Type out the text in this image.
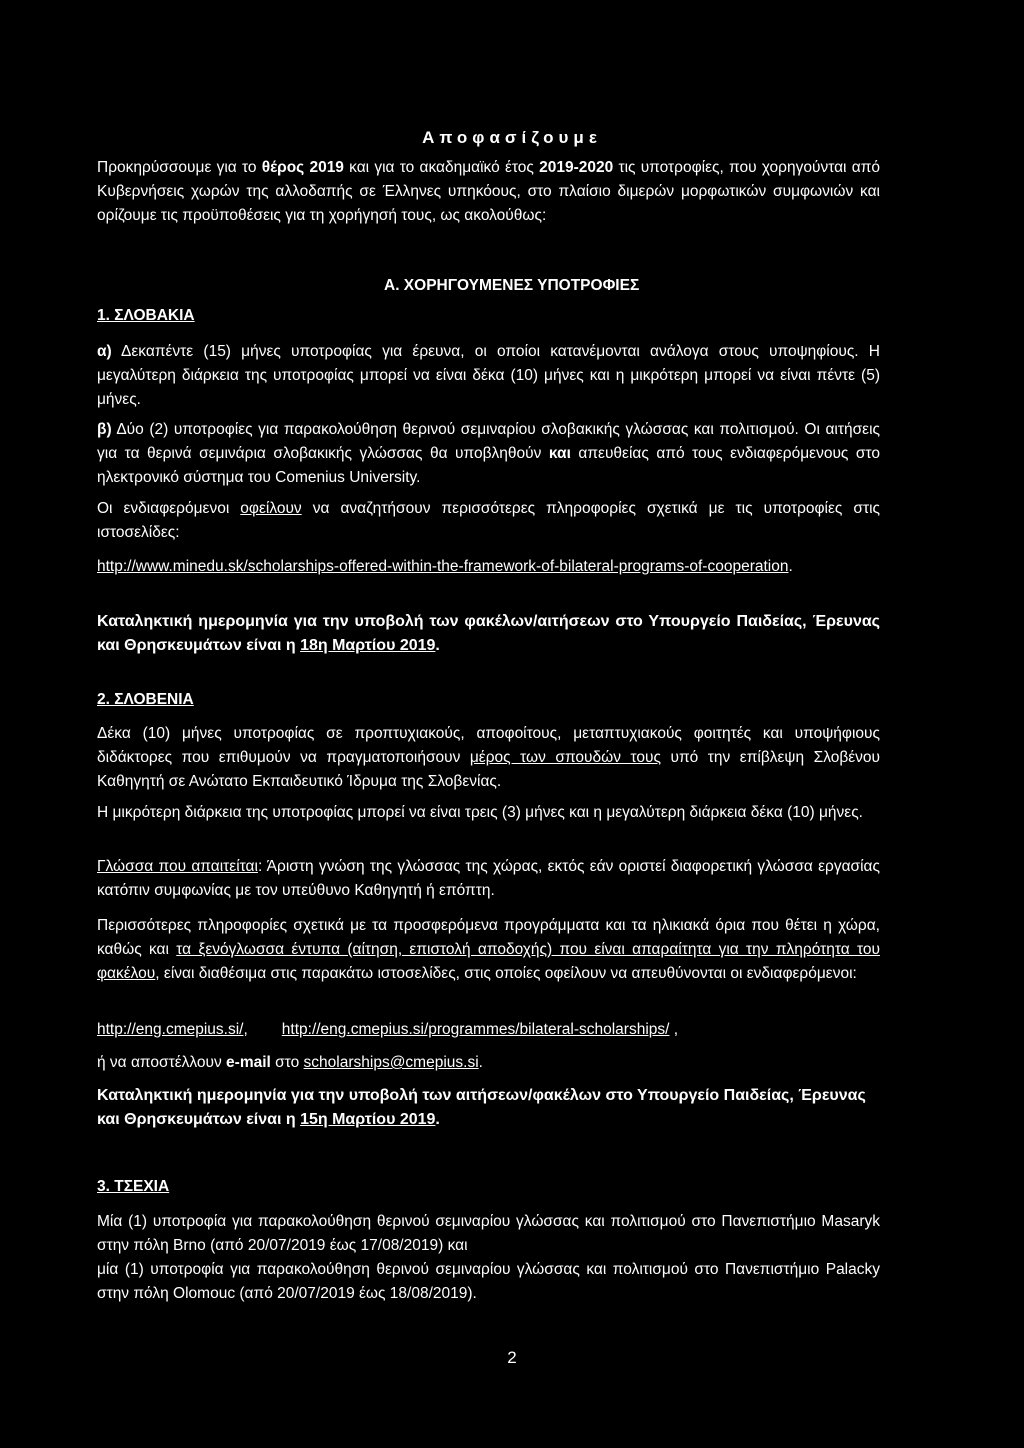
Αποφασίζουμε

Προκηρύσσουμε για το θέρος 2019 και για το ακαδημαϊκό έτος 2019-2020 τις υποτροφίες, που χορηγούνται από Κυβερνήσεις χωρών της αλλοδαπής σε Έλληνες υπηκόους, στο πλαίσιο διμερών μορφωτικών συμφωνιών και ορίζουμε τις προϋποθέσεις για τη χορήγησή τους, ως ακολούθως:

Α. ΧΟΡΗΓΟΥΜΕΝΕΣ ΥΠΟΤΡΟΦΙΕΣ
1. ΣΛΟΒΑΚΙΑ

α) Δεκαπέντε (15) μήνες υποτροφίας για έρευνα, οι οποίοι κατανέμονται ανάλογα στους υποψηφίους. Η μεγαλύτερη διάρκεια της υποτροφίας μπορεί να είναι δέκα (10) μήνες και η μικρότερη μπορεί να είναι πέντε (5) μήνες.

β) Δύο (2) υποτροφίες για παρακολούθηση θερινού σεμιναρίου σλοβακικής γλώσσας και πολιτισμού. Οι αιτήσεις για τα θερινά σεμινάρια σλοβακικής γλώσσας θα υποβληθούν και απευθείας από τους ενδιαφερόμενους στο ηλεκτρονικό σύστημα του Comenius University.

Οι ενδιαφερόμενοι οφείλουν να αναζητήσουν περισσότερες πληροφορίες σχετικά με τις υποτροφίες στις ιστοσελίδες:

http://www.minedu.sk/scholarships-offered-within-the-framework-of-bilateral-programs-of-cooperation.

Καταληκτική ημερομηνία για την υποβολή των φακέλων/αιτήσεων στο Υπουργείο Παιδείας, Έρευνας και Θρησκευμάτων είναι η 18η Μαρτίου 2019.

2. ΣΛΟΒΕΝΙΑ

Δέκα (10) μήνες υποτροφίας σε προπτυχιακούς, αποφοίτους, μεταπτυχιακούς φοιτητές και υποψήφιους διδάκτορες που επιθυμούν να πραγματοποιήσουν μέρος των σπουδών τους υπό την επίβλεψη Σλοβένου Καθηγητή σε Ανώτατο Εκπαιδευτικό Ίδρυμα της Σλοβενίας.

Η μικρότερη διάρκεια της υποτροφίας μπορεί να είναι τρεις (3) μήνες και η μεγαλύτερη διάρκεια δέκα (10) μήνες.

Γλώσσα που απαιτείται: Άριστη γνώση της γλώσσας της χώρας, εκτός εάν οριστεί διαφορετική γλώσσα εργασίας κατόπιν συμφωνίας με τον υπεύθυνο Καθηγητή ή επόπτη.

Περισσότερες πληροφορίες σχετικά με τα προσφερόμενα προγράμματα και τα ηλικιακά όρια που θέτει η χώρα, καθώς και τα ξενόγλωσσα έντυπα (αίτηση, επιστολή αποδοχής) που είναι απαραίτητα για την πληρότητα του φακέλου, είναι διαθέσιμα στις παρακάτω ιστοσελίδες, στις οποίες οφείλουν να απευθύνονται οι ενδιαφερόμενοι:

http://eng.cmepius.si/, http://eng.cmepius.si/programmes/bilateral-scholarships/ ,

ή να αποστέλλουν e-mail στο scholarships@cmepius.si.

Καταληκτική ημερομηνία για την υποβολή των αιτήσεων/φακέλων στο Υπουργείο Παιδείας, Έρευνας και Θρησκευμάτων είναι η 15η Μαρτίου 2019.

3. ΤΣΕΧΙΑ

Μία (1) υποτροφία για παρακολούθηση θερινού σεμιναρίου γλώσσας και πολιτισμού στο Πανεπιστήμιο Masaryk στην πόλη Brno (από 20/07/2019 έως 17/08/2019) και

μία (1) υποτροφία για παρακολούθηση θερινού σεμιναρίου γλώσσας και πολιτισμού στο Πανεπιστήμιο Palacky στην πόλη Olomouc (από 20/07/2019 έως 18/08/2019).

2
